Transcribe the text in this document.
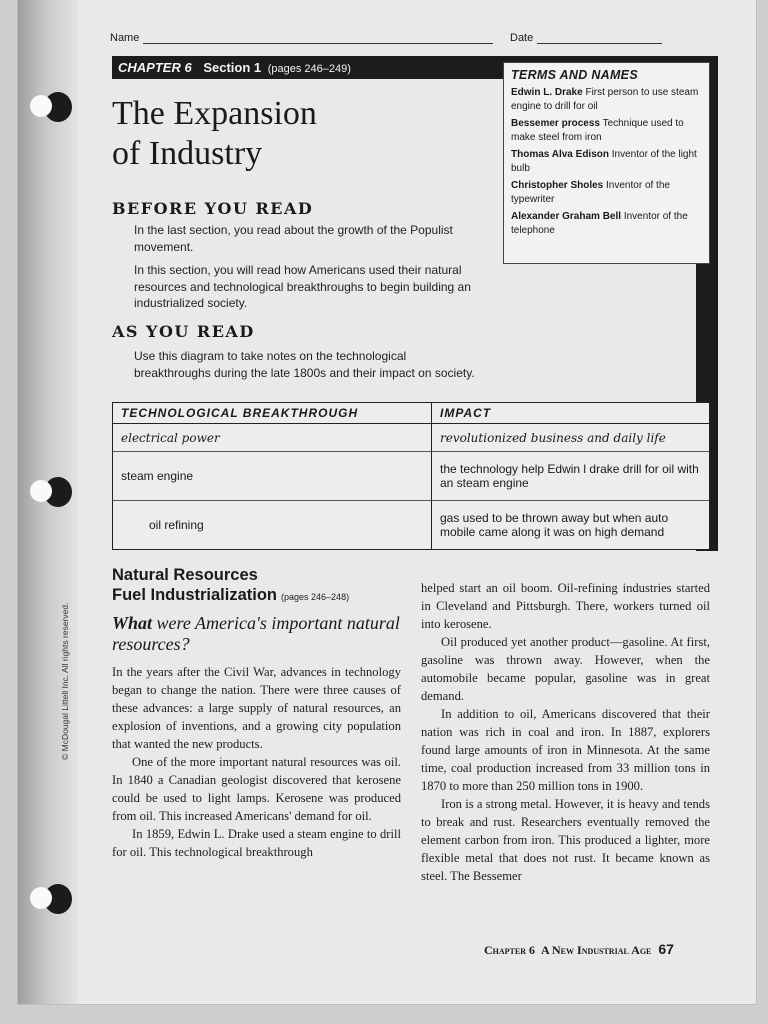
© McDougal Littell Inc. All rights reserved.
Name	Date
CHAPTER 6 Section 1 (pages 246–249)	TERMS AND NAMES
Edwin L. Drake First person to use steam engine to drill for oil
Bessemer process Technique used to make steel from iron
Thomas Alva Edison Inventor of the light bulb
Christopher Sholes Inventor of the typewriter
Alexander Graham Bell Inventor of the telephone
The Expansion
of Industry
BEFORE YOU READ
In the last section, you read about the growth of the Populist movement.
In this section, you will read how Americans used their natural resources and technological breakthroughs to begin building an industrialized society.
AS YOU READ
Use this diagram to take notes on the technological breakthroughs during the late 1800s and their impact on society.
TECHNOLOGICAL BREAKTHROUGH	IMPACT
electrical power	revolutionized business and daily life
steam engine	the technology help Edwin l drake drill for oil with an steam engine
oil refining	gas used to be thrown away but when auto mobile came along it was on high demand
Natural Resources
Fuel Industrialization (pages 246–248)
What were America's important natural resources?

In the years after the Civil War, advances in technology began to change the nation. There were three causes of these advances: a large supply of natural resources, an explosion of inventions, and a growing city population that wanted the new products.

One of the more important natural resources was oil. In 1840 a Canadian geologist discovered that kerosene could be used to light lamps. Kerosene was produced from oil. This increased Americans' demand for oil.

In 1859, Edwin L. Drake used a steam engine to drill for oil. This technological breakthrough

helped start an oil boom. Oil-refining industries started in Cleveland and Pittsburgh. There, workers turned oil into kerosene.

Oil produced yet another product—gasoline. At first, gasoline was thrown away. However, when the automobile became popular, gasoline was in great demand.

In addition to oil, Americans discovered that their nation was rich in coal and iron. In 1887, explorers found large amounts of iron in Minnesota. At the same time, coal production increased from 33 million tons in 1870 to more than 250 million tons in 1900.

Iron is a strong metal. However, it is heavy and tends to break and rust. Researchers eventually removed the element carbon from iron. This produced a lighter, more flexible metal that does not rust. It became known as steel. The Bessemer

Chapter 6 A New Industrial Age 67
